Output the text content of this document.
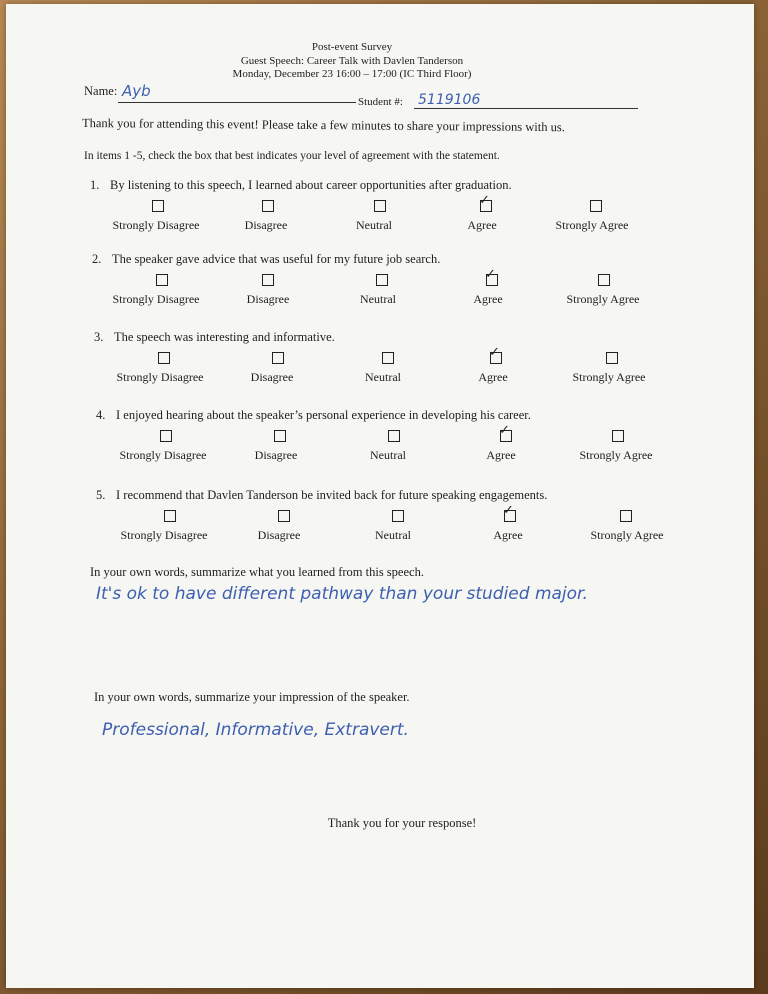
Post-event Survey
Guest Speech: Career Talk with Davlen Tanderson
Monday, December 23 16:00 – 17:00 (IC Third Floor)
Name: Ayb
Student #: 5119106
Thank you for attending this event! Please take a few minutes to share your impressions with us.
In items 1 -5, check the box that best indicates your level of agreement with the statement.
1. By listening to this speech, I learned about career opportunities after graduation.
Strongly Disagree	Disagree	Neutral
✓
Agree	Strongly Agree
2. The speaker gave advice that was useful for my future job search.
Strongly Disagree	Disagree	Neutral
✓
Agree	Strongly Agree
3. The speech was interesting and informative.
Strongly Disagree	Disagree	Neutral
✓
Agree	Strongly Agree
4. I enjoyed hearing about the speaker’s personal experience in developing his career.
Strongly Disagree	Disagree	Neutral
✓
Agree	Strongly Agree
5. I recommend that Davlen Tanderson be invited back for future speaking engagements.
Strongly Disagree	Disagree	Neutral
✓
Agree	Strongly Agree
In your own words, summarize what you learned from this speech.
It's ok to have different pathway than your studied major.
In your own words, summarize your impression of the speaker.
Professional, Informative, Extravert.
Thank you for your response!
